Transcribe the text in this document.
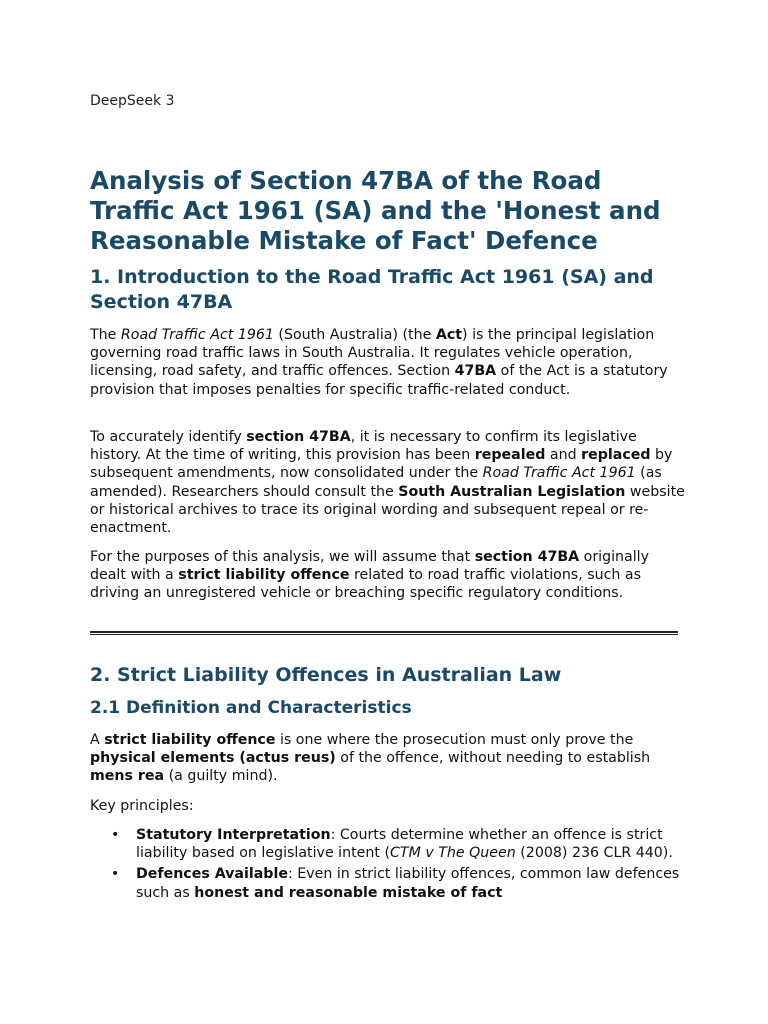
DeepSeek 3
Analysis of Section 47BA of the Road Traffic Act 1961 (SA) and the 'Honest and Reasonable Mistake of Fact' Defence
1. Introduction to the Road Traffic Act 1961 (SA) and Section 47BA

The Road Traffic Act 1961 (South Australia) (the Act) is the principal legislation governing road traffic laws in South Australia. It regulates vehicle operation, licensing, road safety, and traffic offences. Section 47BA of the Act is a statutory provision that imposes penalties for specific traffic-related conduct.

To accurately identify section 47BA, it is necessary to confirm its legislative history. At the time of writing, this provision has been repealed and replaced by subsequent amendments, now consolidated under the Road Traffic Act 1961 (as amended). Researchers should consult the South Australian Legislation website or historical archives to trace its original wording and subsequent repeal or re-enactment.

For the purposes of this analysis, we will assume that section 47BA originally dealt with a strict liability offence related to road traffic violations, such as driving an unregistered vehicle or breaching specific regulatory conditions.

2. Strict Liability Offences in Australian Law
2.1 Definition and Characteristics

A strict liability offence is one where the prosecution must only prove the physical elements (actus reus) of the offence, without needing to establish mens rea (a guilty mind).

Key principles:

• Statutory Interpretation: Courts determine whether an offence is strict liability based on legislative intent (CTM v The Queen (2008) 236 CLR 440).
• Defences Available: Even in strict liability offences, common law defences such as honest and reasonable mistake of fact
